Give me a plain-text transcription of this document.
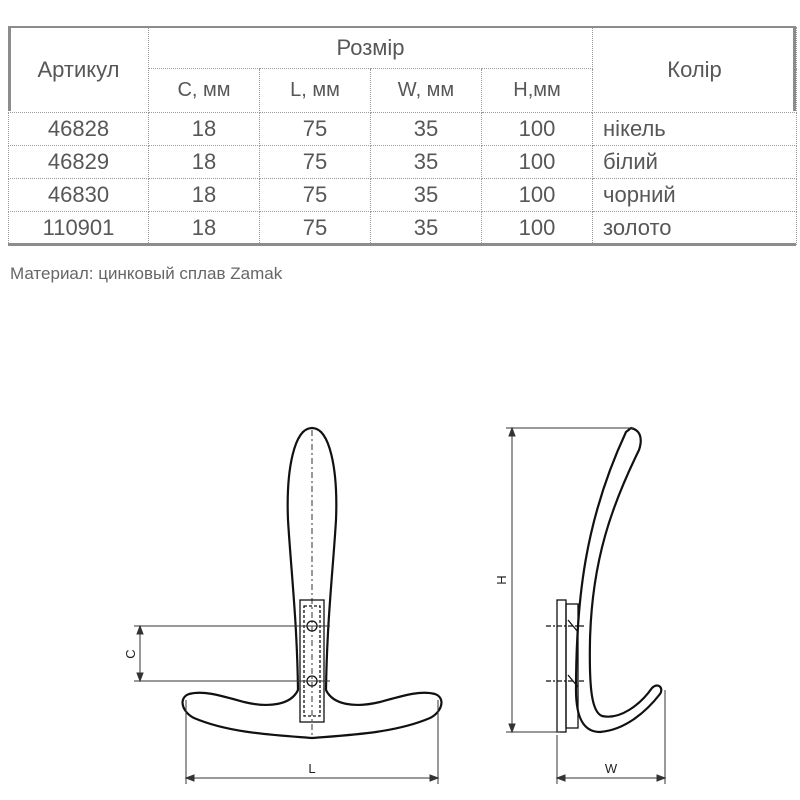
Артикул	Розмір				Колір
	C, мм	L, мм	W, мм	H,мм	
46828	18	75	35	100	нікель
46829	18	75	35	100	білий
46830	18	75	35	100	чорний
110901	18	75	35	100	золото
Материал: цинковый сплав Zamak
C
L
H
W
